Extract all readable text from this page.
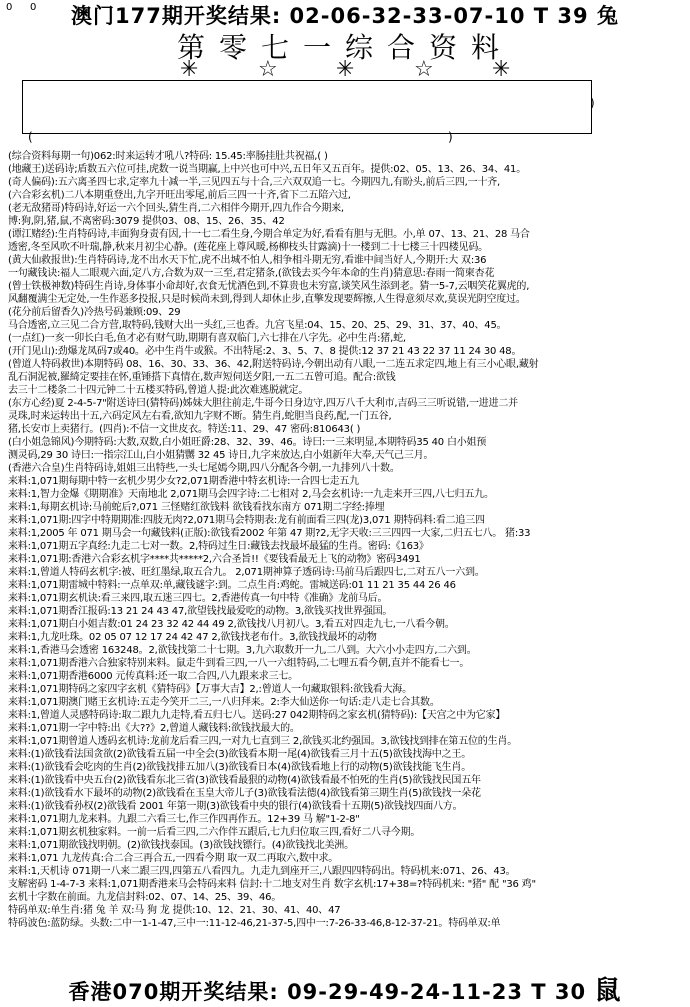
0 0	澳门177期开奖结果: 02-06-32-33-07-10 T 39 兔
第零七一综合资料
✳	☆	✳	☆	✳
)
(	)
(综合资料每期一句)062:时来运转才吼八?特码: 15.45:率肠挂肚共祝福,( )
(地藏王)送码诗;盾数五六位可挂,虎数一说当期赢,上中兴也可中兴,五日年又五百年。提供:02、05、13、26、34、41。
(奇人偏码):五六离圣四七求,定率九十减一半,三见四五与十合,三六双双追一七。今期四九,有盼头,前后三四,一十齐,
(六合彩玄机)二八本期重登出,九字开旺出零尾,前后三四一十齐,省下二五陪六过,
(老无敌猪哥)特码诗,好运一六个回头,猜生肖,二六相伴今期开,四九作合今期来,
博:狗,阴,猪,鼠,不离密码:3079 提供03、08、15、26、35、42
(谭江赌经):生肖特码诗,丰面狗身责有因,十一七二看生身,今期合单定为好,看看有胆与无胆。小,单 07、13、21、28 马合
透密,冬至风吹不叶瑞,静,秋来月初尘心静。(莲花座上尊风暖,杨柳枝头甘露滴)十一楼到二十七楼三十四楼见码。
(黄大仙救报世):生肖特码诗,龙不出水天下忙,虎不出城不怕人,相争相斗期无穷,看谁中间当好人,今期开:大 双:36
一句藏钱诀:福人二眼观六面,定八方,合数为双一三至,君定猪条,(欲钱去买今年本命的生肖)猜意思:春雨一简柬杏花
(曾士铁极神数)特码生肖诗,身体事小命却好,衣食无忧酒色到,不算贵也未穷富,谈笑风生添到老。猜一5-7,云咽笑花翼虎的,
风翻覆满尘无定处,一生作恶多投报,只是时候尚未到,得到人却休止步,直擎发现要辉擦,人生得意须尽欢,莫误光阴空度过。
(花分前后留香久)冷热号码兼顾:09、29
马合透密,立三见二合方营,取特码,钱财大出一头红,三也香。九宫飞星:04、15、20、25、29、31、37、40、45。
(一点红)一亥一卯长白毛,鱼才必有财气助,期期有喜双临门,六七排在八字先。必中生肖:猪,蛇,
(开门见山):劲爆龙凤码7或40。必中生肖牛或猴。不出特尾:2、3、5、7、8 提供:12 37 21 43 22 37 11 24 30 48。
(曾道人特码救世)本期特码 08、16、30、33、36、42,附送特码诗,今朝出动有八眼,一二连五求定四,地上有三小心眼,藏射
乱石洞泥被,羅綺定要挂在怀,重锤搭下真情在,数声短伺送夕阳,一五二五曾可追。配合:欲钱
去三十二楼条二十四元钟二十五楼买特码,曾道人提:此次难逃脱就定。
(东方心经)夏 2-4-5-7"附送诗曰(猜特码)姊妹大胆往前走,牛哥今日身边守,四万八千大利市,吉码三三听说错,一进进二并
灵珠,时来运转出十五,六码定风左右看,欲知九字财不断。猜生肖,蛇胆当良药,配,一门五谷,
猪,长安市上卖猪行。(四肖):不信一文世皮衣。特送:11、29、47 密码:810643( )
(白小姐急锦风)今期特码:大数,双数,白小姐旺爵:28、32、39、46。诗曰:一三来明显,本期特码35 40 白小姐预
测灵码,29 30 诗曰:一指宗江山,白小姐猜嬲 32 45 诗日,九字来放达,白小姐新年大奉,天气己三月。
(香港六合皇)生肖特码诗,姐姐三出特些,一头七尾嫣今期,四八分配各今朝,一九排列八十数。
来料:1,071期每期中特一玄机少男少女?2,071期香港中特玄机诗:一合四七走五九
来料:1,智力金爆《期期准》天南地北 2,071期马会四字诗:二七相对 2,马会玄机诗:一九走来开三四,八七归五九。
来料:1,每期玄机诗:马前蛇后?,071 三怪赌红欲钱料 欲钱看找东南方 071期二字经:捧埋
来料:1,071期:四字中特期期准:四肢无肉?2,071期马会特期表:龙有前面看三四(龙)3,071 期特码料:看二追三四
来料:1,2005 年 071 期马会一句藏钱料(正版):欲钱看2002 年第 47 期?2,无字天收:三三四四一大家,二归五七八。 猪:33
来料:1,071期五字真经:九走二七对一数。2,特码过生日:藏钱去找最坏最猛的生肖。密码:《163》
来料:1,071期:香港六合彩玄机字****共*****2,六合圣旨!!《要钱看最无上飞的动物》密码3491
来料:1,曾道人特码玄机字:被、旺红墨绿,取五合九。 2,071期神算子透码诗:马前马后跟四七,二对五八一六到。
来料:1,071期雷城中特料:一点单双:单,藏钱谜字:到。二点生肖:鸡蛇。雷城送码:01 11 21 35 44 26 46
来料:1,071期玄机诀:看三来四,取五迷三四七。2,香港传真一句中特《准确》龙前马后。
来料:1,071期香江报码:13 21 24 43 47,欲望钱找最爱吃的动物。3,欲钱买找世界强国。
来料:1,071期白小姐吉数:01 24 23 32 42 44 49 2,欲钱找八月初八。3,看五对四走九七,一八看今朝。
来料:1,九龙吐珠。02 05 07 12 17 24 42 47 2,欲钱找老布什。3,欲钱找最坏的动物
来料:1,香港马会透密 163248。2,欲钱找第二十七期。3,九六取数开一九,二八到。大六小小走四方,二六到。
来料:1,071期香港六合独家特别来料。鼠走牛到看三四,一八一六组特码,二七哩五看今朝,直并不能看七一。
来料:1,071期香港6000 元传真料:还一取二合四,八九跟来求三七。
来料:1,071期特码之家四字玄机《猜特码》【万事大吉】2,:曾道人一句藏取银料:欲钱看大海。
来料:1,071期澳门赌王玄机诗:五走今笑开二三,一八归拜来。2:李大仙送你一句话:走八走七合其数。
来料:1,曾道人灵感特码诗:取二跟九九走特,看五归七八。送码:27 042期特码之家玄机(猜特码):【天宫之中为它家】
来料:1,071期一字中特:出《大??》2,曾道人藏钱料:欲钱找最大的。
来料:1,071期曾道人透码玄机诗:龙前龙后看三四,一对九七直到三 2,欲钱买北约强国。3,欲钱找到排在第五位的生肖。
来料:(1)欲钱看法国贪欲(2)欲钱看五届一中全会(3)欲钱看本期一尾(4)欲钱看三月十五(5)欲钱找海中之王。
来料:(1)欲钱看会吃肉的生肖(2)欲钱找排五加八(3)欲钱看日本(4)欲钱看地上行的动物(5)欲钱找能飞生肖。
来料:(1)欲钱看中央五台(2)欲钱看东北三省(3)欲钱看最狠的动物(4)欲钱看最不怕死的生肖(5)欲钱找民国五年
来料:(1)欲钱看水下最坏的动物(2)欲钱看在玉皇大帝儿子(3)欲钱看法德(4)欲钱看第三期生肖(5)欲钱找一朵花
来料:(1)欲钱看孙权(2)欲钱看 2001 年第一期(3)欲钱看中央的银行(4)欲钱看十五期(5)欲钱找四面八方。
来料:1,071期九龙来料。九跟二六看三七,作三作四再作五。12+39 马 解"1-2-8"
来料:1,071期玄机独家料。一前一后看三四,二六作伴五跟后,七九归位取三四,看好二八寻今期。
来料:1,071期欲钱找明朝。(2)欲钱找泰国。(3)欲钱找镖行。(4)欲钱找北美洲。
来料:1,071 九龙传真:合二合三再合五,一四看今期 取一双二再取六,数中求。
来料:1,天机诗 071期一八来二跟三四,四第五八看四九。九走九到座开三,八跟四四特码出。特码机来:071、26、43。
支解密码 1-4-7-3 来料:1,071期香港来马会特码来料 信封:十二地支对生肖 数字玄机:17+38=?特码机来: "猪" 配 "36 鸡"
玄机十字数在前面。九龙信封料:02、07、14、25、39、46。
特码单双:单生肖:猪 兔 羊 双:马 狗 龙 提供:10、12、21、30、41、40、47
特码波色:蓝防绿。头数:二中一1-1-47,三中一:11-12-46,21-37-5,四中一:7-26-33-46,8-12-37-21。特码单双:单
香港070期开奖结果: 09-29-49-24-11-23 T 30 鼠
